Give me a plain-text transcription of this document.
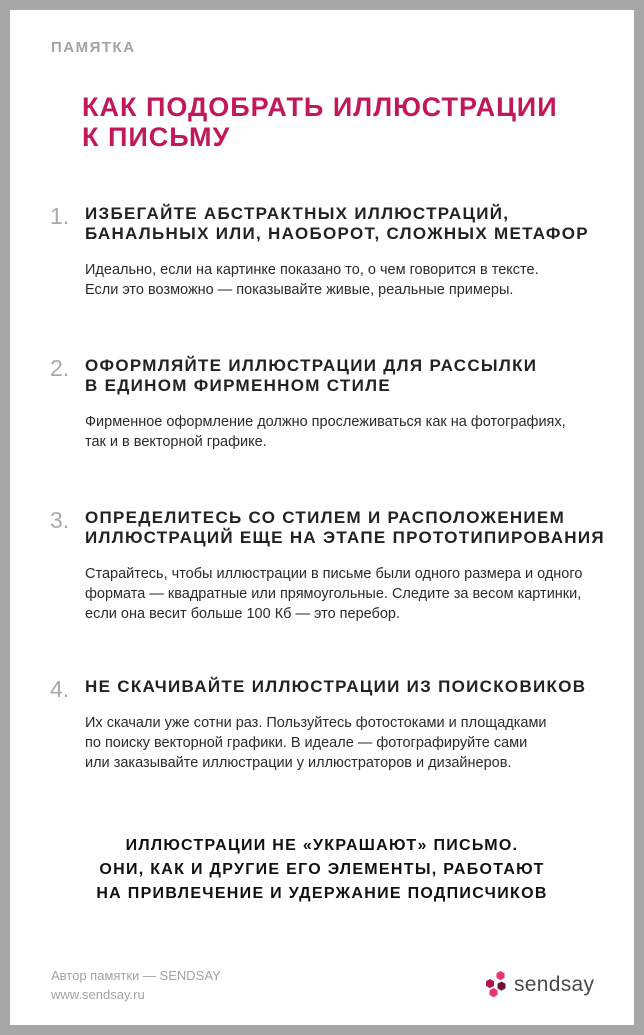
ПАМЯТКА
КАК ПОДОБРАТЬ ИЛЛЮСТРАЦИИ
К ПИСЬМУ
1. ИЗБЕГАЙТЕ АБСТРАКТНЫХ ИЛЛЮСТРАЦИЙ,
БАНАЛЬНЫХ ИЛИ, НАОБОРОТ, СЛОЖНЫХ МЕТАФОР

Идеально, если на картинке показано то, о чем говорится в тексте.
Если это возможно — показывайте живые, реальные примеры.

2. ОФОРМЛЯЙТЕ ИЛЛЮСТРАЦИИ ДЛЯ РАССЫЛКИ
В ЕДИНОМ ФИРМЕННОМ СТИЛЕ

Фирменное оформление должно прослеживаться как на фотографиях,
так и в векторной графике.

3. ОПРЕДЕЛИТЕСЬ СО СТИЛЕМ И РАСПОЛОЖЕНИЕМ
ИЛЛЮСТРАЦИЙ ЕЩЕ НА ЭТАПЕ ПРОТОТИПИРОВАНИЯ

Старайтесь, чтобы иллюстрации в письме были одного размера и одного
формата — квадратные или прямоугольные. Следите за весом картинки,
если она весит больше 100 Кб — это перебор.

4. НЕ СКАЧИВАЙТЕ ИЛЛЮСТРАЦИИ ИЗ ПОИСКОВИКОВ

Их скачали уже сотни раз. Пользуйтесь фотостоками и площадками
по поиску векторной графики. В идеале — фотографируйте сами
или заказывайте иллюстрации у иллюстраторов и дизайнеров.

ИЛЛЮСТРАЦИИ НЕ «УКРАШАЮТ» ПИСЬМО.
ОНИ, КАК И ДРУГИЕ ЕГО ЭЛЕМЕНТЫ, РАБОТАЮТ
НА ПРИВЛЕЧЕНИЕ И УДЕРЖАНИЕ ПОДПИСЧИКОВ

Автор памятки — SENDSAY
www.sendsay.ru	sendsay
